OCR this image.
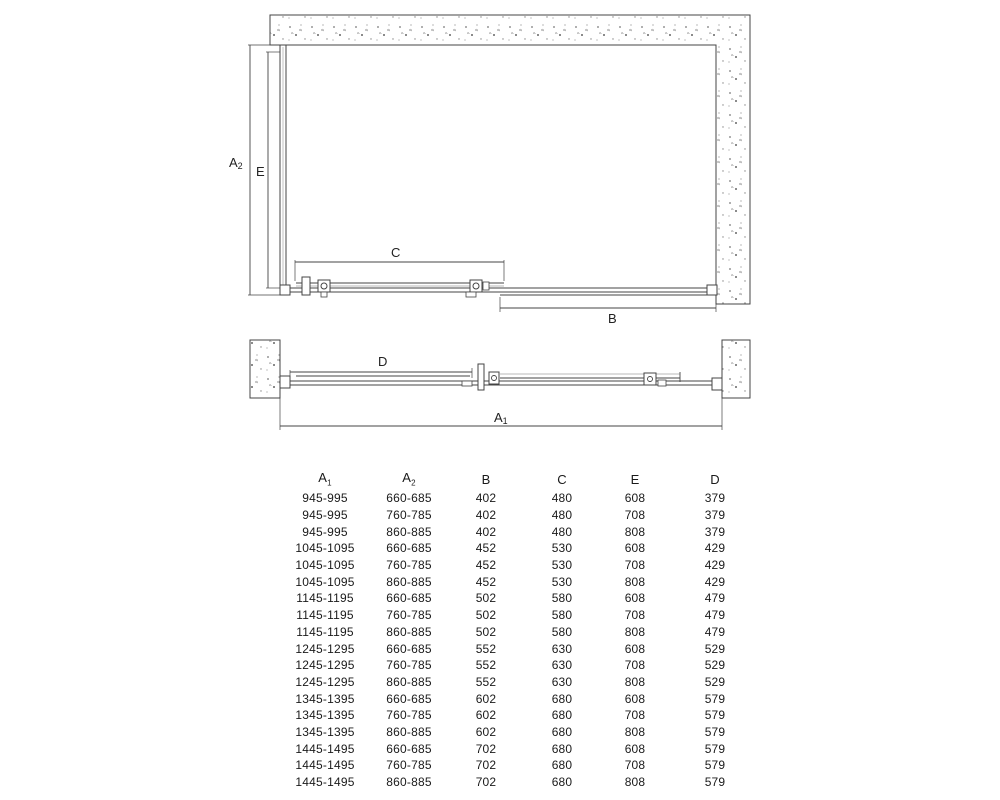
A2 E
C
B
D
A1
$A_1$	$A_2$	B	C	E	D
945-995	660-685	402	480	608	379
945-995	760-785	402	480	708	379
945-995	860-885	402	480	808	379
1045-1095	660-685	452	530	608	429
1045-1095	760-785	452	530	708	429
1045-1095	860-885	452	530	808	429
1145-1195	660-685	502	580	608	479
1145-1195	760-785	502	580	708	479
1145-1195	860-885	502	580	808	479
1245-1295	660-685	552	630	608	529
1245-1295	760-785	552	630	708	529
1245-1295	860-885	552	630	808	529
1345-1395	660-685	602	680	608	579
1345-1395	760-785	602	680	708	579
1345-1395	860-885	602	680	808	579
1445-1495	660-685	702	680	608	579
1445-1495	760-785	702	680	708	579
1445-1495	860-885	702	680	808	579
